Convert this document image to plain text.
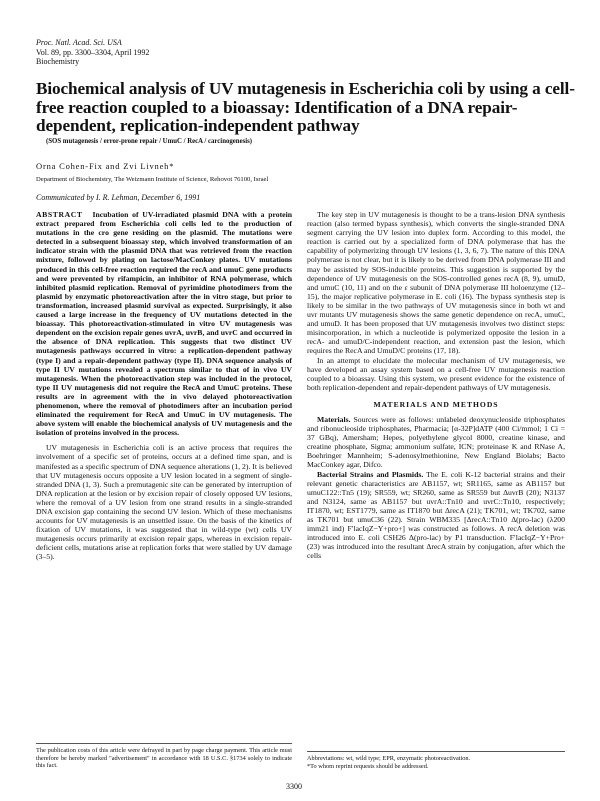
Proc. Natl. Acad. Sci. USA
Vol. 89, pp. 3300–3304, April 1992
Biochemistry
Biochemical analysis of UV mutagenesis in Escherichia coli by using a cell-free reaction coupled to a bioassay: Identification of a DNA repair-dependent, replication-independent pathway
(SOS mutagenesis / error-prone repair / UmuC / RecA / carcinogenesis)
Orna Cohen-Fix and Zvi Livneh*
Department of Biochemistry, The Weizmann Institute of Science, Rehovot 76100, Israel
Communicated by I. R. Lehman, December 6, 1991
ABSTRACT Incubation of UV-irradiated plasmid DNA with a protein extract prepared from Escherichia coli cells led to the production of mutations in the cro gene residing on the plasmid. The mutations were detected in a subsequent bioassay step, which involved transformation of an indicator strain with the plasmid DNA that was retrieved from the reaction mixture, followed by plating on lactose/MacConkey plates. UV mutations produced in this cell-free reaction required the recA and umuC gene products and were prevented by rifampicin, an inhibitor of RNA polymerase, which inhibited plasmid replication. Removal of pyrimidine photodimers from the plasmid by enzymatic photoreactivation after the in vitro stage, but prior to transformation, increased plasmid survival as expected. Surprisingly, it also caused a large increase in the frequency of UV mutations detected in the bioassay. This photoreactivation-stimulated in vitro UV mutagenesis was dependent on the excision repair genes uvrA, uvrB, and uvrC and occurred in the absence of DNA replication. This suggests that two distinct UV mutagenesis pathways occurred in vitro: a replication-dependent pathway (type I) and a repair-dependent pathway (type II). DNA sequence analysis of type II UV mutations revealed a spectrum similar to that of in vivo UV mutagenesis. When the photoreactivation step was included in the protocol, type II UV mutagenesis did not require the RecA and UmuC proteins. These results are in agreement with the in vivo delayed photoreactivation phenomenon, where the removal of photodimers after an incubation period eliminated the requirement for RecA and UmuC in UV mutagenesis. The above system will enable the biochemical analysis of UV mutagenesis and the isolation of proteins involved in the process.

UV mutagenesis in Escherichia coli is an active process that requires the involvement of a specific set of proteins, occurs at a defined time span, and is manifested as a specific spectrum of DNA sequence alterations (1, 2). It is believed that UV mutagenesis occurs opposite a UV lesion located in a segment of single-stranded DNA (1, 3). Such a premutagenic site can be generated by interruption of DNA replication at the lesion or by excision repair of closely opposed UV lesions, where the removal of a UV lesion from one strand results in a single-stranded DNA excision gap containing the second UV lesion. Which of these mechanisms accounts for UV mutagenesis is an unsettled issue. On the basis of the kinetics of fixation of UV mutations, it was suggested that in wild-type (wt) cells UV mutagenesis occurs primarily at excision repair gaps, whereas in excision repair-deficient cells, mutations arise at replication forks that were stalled by UV damage (3–5).

The key step in UV mutagenesis is thought to be a trans-lesion DNA synthesis reaction (also termed bypass synthesis), which converts the single-stranded DNA segment carrying the UV lesion into duplex form. According to this model, the reaction is carried out by a specialized form of DNA polymerase that has the capability of polymerizing through UV lesions (1, 3, 6, 7). The nature of this DNA polymerase is not clear, but it is likely to be derived from DNA polymerase III and may be assisted by SOS-inducible proteins. This suggestion is supported by the dependence of UV mutagenesis on the SOS-controlled genes recA (8, 9), umuD, and umuC (10, 11) and on the ε subunit of DNA polymerase III holoenzyme (12–15), the major replicative polymerase in E. coli (16). The bypass synthesis step is likely to be similar in the two pathways of UV mutagenesis since in both wt and uvr mutants UV mutagenesis shows the same genetic dependence on recA, umuC, and umuD. It has been proposed that UV mutagenesis involves two distinct steps: misincorporation, in which a nucleotide is polymerized opposite the lesion in a recA- and umuD/C-independent reaction, and extension past the lesion, which requires the RecA and UmuD/C proteins (17, 18).

In an attempt to elucidate the molecular mechanism of UV mutagenesis, we have developed an assay system based on a cell-free UV mutagenesis reaction coupled to a bioassay. Using this system, we present evidence for the existence of both replication-dependent and repair-dependent pathways of UV mutagenesis.

MATERIALS AND METHODS

Materials. Sources were as follows: unlabeled deoxynucleoside triphosphates and ribonucleoside triphosphates, Pharmacia; [α-32P]dATP (400 Ci/mmol; 1 Ci = 37 GBq), Amersham; Hepes, polyethylene glycol 8000, creatine kinase, and creatine phosphate, Sigma; ammonium sulfate, ICN; proteinase K and RNase A, Boehringer Mannheim; S-adenosylmethionine, New England Biolabs; Bacto MacConkey agar, Difco.

Bacterial Strains and Plasmids. The E. coli K-12 bacterial strains and their relevant genetic characteristics are AB1157, wt; SR1165, same as AB1157 but umuC122::Tn5 (19); SR559, wt; SR260, same as SR559 but ΔuvrB (20); N3137 and N3124, same as AB1157 but uvrA::Tn10 and uvrC::Tn10, respectively; IT1870, wt; EST1779, same as IT1870 but ΔrecA (21); TK701, wt; TK702, same as TK701 but umuC36 (22). Strain WBM335 [ΔrecA::Tn10 Δ(pro-lac) (λ200 imm21 ind) F′lacIqZ−Y+pro+] was constructed as follows. A recA deletion was introduced into E. coli CSH26 Δ(pro-lac) by P1 transduction. F′lacIqZ−Y+Pro+ (23) was introduced into the resultant ΔrecA strain by conjugation, after which the cells

The publication costs of this article were defrayed in part by page charge payment. This article must therefore be hereby marked "advertisement" in accordance with 18 U.S.C. §1734 solely to indicate this fact.
Abbreviations: wt, wild type; EPR, enzymatic photoreactivation.
*To whom reprint requests should be addressed.
3300
